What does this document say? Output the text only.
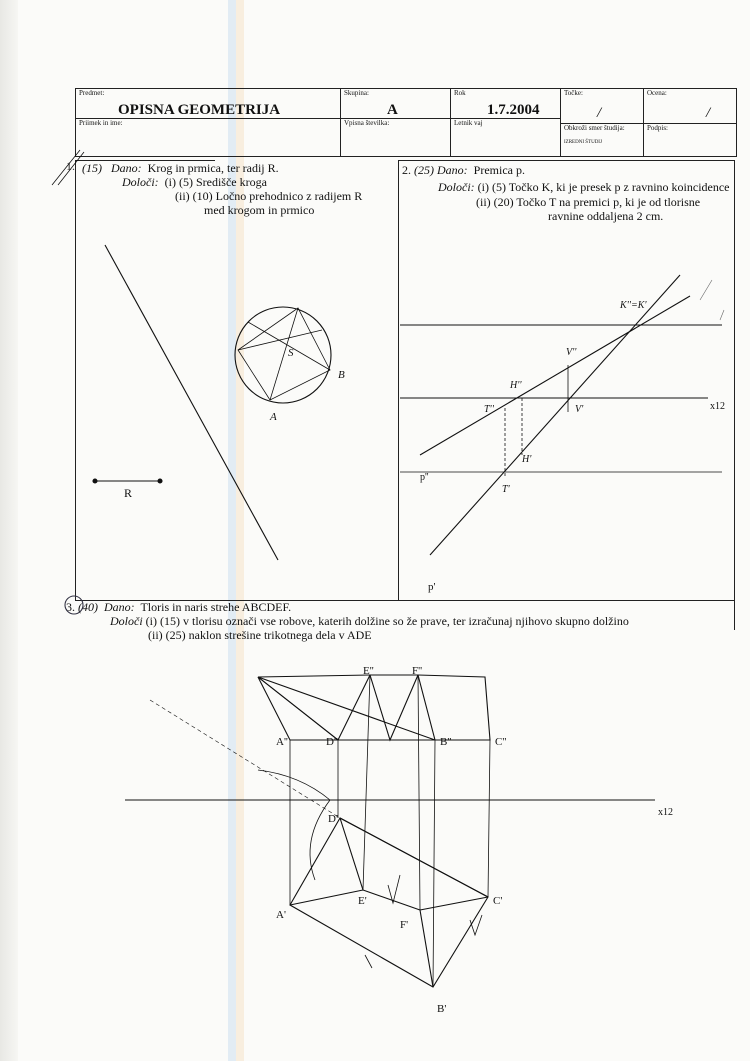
Predmet:
OPISNA GEOMETRIJA
Priimek in ime:
Skupina:
A
Vpisna številka:
Rok
1.7.2004
Letnik vaj
Točke:
/
Obkroži smer študija:
IZREDNI ŠTUDIJ
Ocena:
/
Podpis:
(15) Dano: Krog in prmica, ter radij R.
1.
Določi: (i) (5) Središče kroga
(ii) (10) Ločno prehodnico z radijem R
med krogom in prmico
2. (25) Dano: Premica p.
Določi: (i) (5) Točko K, ki je presek p z ravnino koincidence
(ii) (20) Točko T na premici p, ki je od tlorisne
ravnine oddaljena 2 cm.
3. (40) Dano: Tloris in naris strehe ABCDEF.
Določi (i) (15) v tlorisu označi vse robove, katerih dolžine so že prave, ter izračunaj njihovo skupno dolžino
(ii) (25) naklon strešine trikotnega dela v ADE
R
S
B
A
K''=K'
V''
H''
T''	V'
H'
T'
x12
p''
p'
x12
A''	D''
E''	F''
B''	C''
A'
D'
E'
F'
B'
C'
